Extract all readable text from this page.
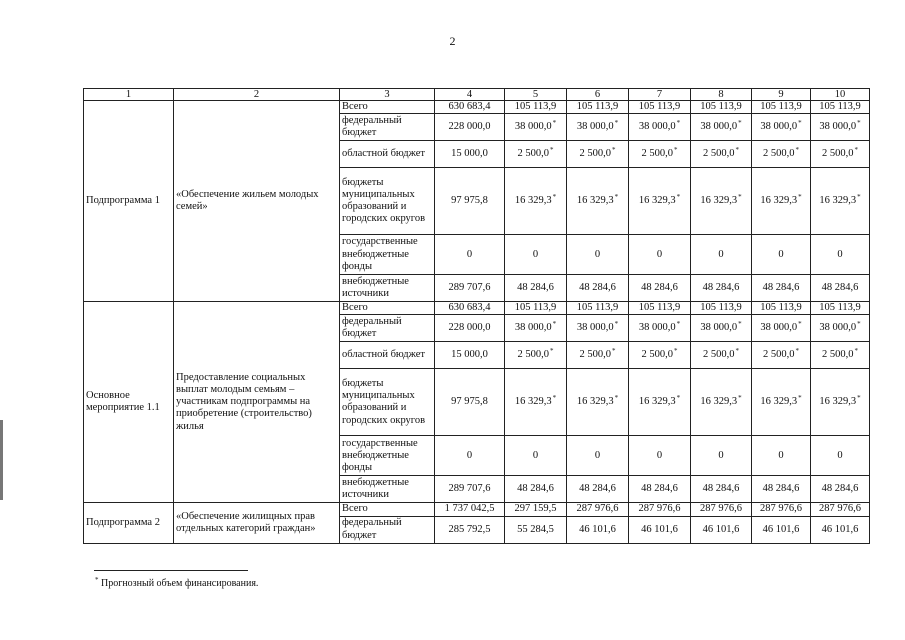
2
1	2	3	4	5	6	7	8	9	10
Подпрограмма 1	«Обеспечение жильем молодых семей»	Всего	630 683,4	105 113,9	105 113,9	105 113,9	105 113,9	105 113,9	105 113,9
		федеральный бюджет	228 000,0	38 000,0*	38 000,0*	38 000,0*	38 000,0*	38 000,0*	38 000,0*
		областной бюджет	15 000,0	2 500,0*	2 500,0*	2 500,0*	2 500,0*	2 500,0*	2 500,0*
		бюджеты муниципальных образований и городских округов	97 975,8	16 329,3*	16 329,3*	16 329,3*	16 329,3*	16 329,3*	16 329,3*
		государственные внебюджетные фонды	0	0	0	0	0	0	0
		внебюджетные источники	289 707,6	48 284,6	48 284,6	48 284,6	48 284,6	48 284,6	48 284,6
Основное мероприятие 1.1	Предоставление социальных выплат молодым семьям – участникам подпрограммы на приобретение (строительство) жилья	Всего	630 683,4	105 113,9	105 113,9	105 113,9	105 113,9	105 113,9	105 113,9
		федеральный бюджет	228 000,0	38 000,0*	38 000,0*	38 000,0*	38 000,0*	38 000,0*	38 000,0*
		областной бюджет	15 000,0	2 500,0*	2 500,0*	2 500,0*	2 500,0*	2 500,0*	2 500,0*
		бюджеты муниципальных образований и городских округов	97 975,8	16 329,3*	16 329,3*	16 329,3*	16 329,3*	16 329,3*	16 329,3*
		государственные внебюджетные фонды	0	0	0	0	0	0	0
		внебюджетные источники	289 707,6	48 284,6	48 284,6	48 284,6	48 284,6	48 284,6	48 284,6
Подпрограмма 2	«Обеспечение жилищных прав отдельных категорий граждан»	Всего	1 737 042,5	297 159,5	287 976,6	287 976,6	287 976,6	287 976,6	287 976,6
		федеральный бюджет	285 792,5	55 284,5	46 101,6	46 101,6	46 101,6	46 101,6	46 101,6
* Прогнозный объем финансирования.
